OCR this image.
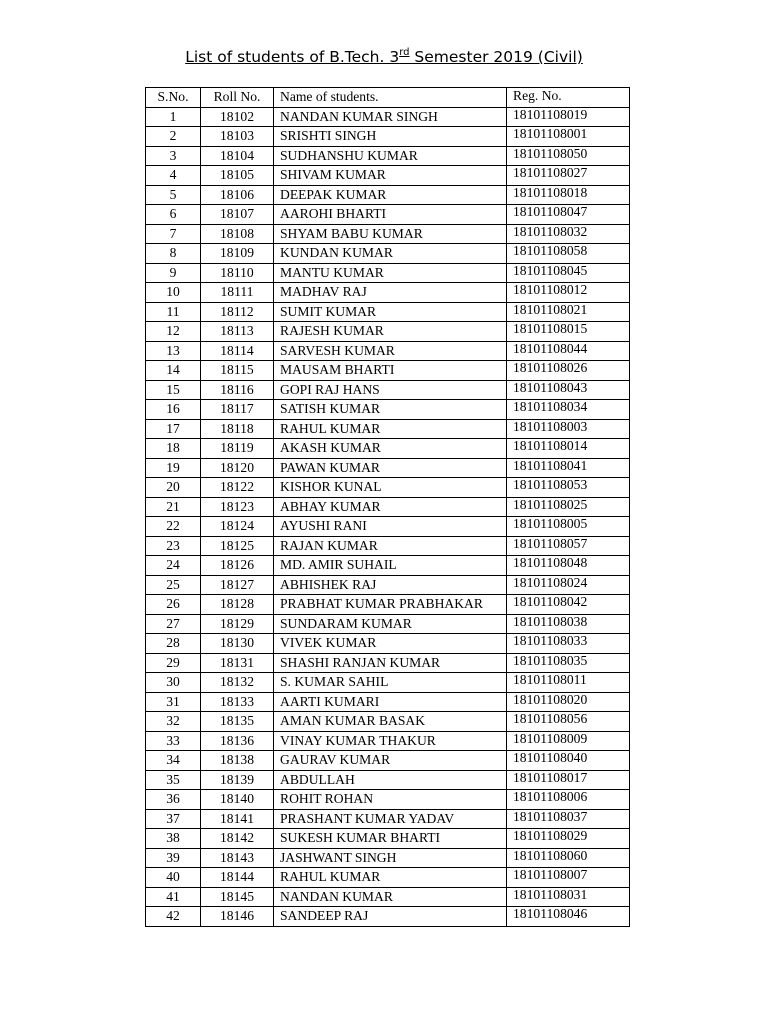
List of students of B.Tech. 3rd Semester 2019 (Civil)
S.No.	Roll No.	Name of students.	Reg. No.
1	18102	NANDAN KUMAR SINGH	18101108019
2	18103	SRISHTI SINGH	18101108001
3	18104	SUDHANSHU KUMAR	18101108050
4	18105	SHIVAM KUMAR	18101108027
5	18106	DEEPAK KUMAR	18101108018
6	18107	AAROHI BHARTI	18101108047
7	18108	SHYAM BABU KUMAR	18101108032
8	18109	KUNDAN KUMAR	18101108058
9	18110	MANTU KUMAR	18101108045
10	18111	MADHAV RAJ	18101108012
11	18112	SUMIT KUMAR	18101108021
12	18113	RAJESH KUMAR	18101108015
13	18114	SARVESH KUMAR	18101108044
14	18115	MAUSAM BHARTI	18101108026
15	18116	GOPI RAJ HANS	18101108043
16	18117	SATISH KUMAR	18101108034
17	18118	RAHUL KUMAR	18101108003
18	18119	AKASH KUMAR	18101108014
19	18120	PAWAN KUMAR	18101108041
20	18122	KISHOR KUNAL	18101108053
21	18123	ABHAY KUMAR	18101108025
22	18124	AYUSHI RANI	18101108005
23	18125	RAJAN KUMAR	18101108057
24	18126	MD. AMIR SUHAIL	18101108048
25	18127	ABHISHEK RAJ	18101108024
26	18128	PRABHAT KUMAR PRABHAKAR	18101108042
27	18129	SUNDARAM KUMAR	18101108038
28	18130	VIVEK KUMAR	18101108033
29	18131	SHASHI RANJAN KUMAR	18101108035
30	18132	S. KUMAR SAHIL	18101108011
31	18133	AARTI KUMARI	18101108020
32	18135	AMAN KUMAR BASAK	18101108056
33	18136	VINAY KUMAR THAKUR	18101108009
34	18138	GAURAV KUMAR	18101108040
35	18139	ABDULLAH	18101108017
36	18140	ROHIT ROHAN	18101108006
37	18141	PRASHANT KUMAR YADAV	18101108037
38	18142	SUKESH KUMAR BHARTI	18101108029
39	18143	JASHWANT SINGH	18101108060
40	18144	RAHUL KUMAR	18101108007
41	18145	NANDAN KUMAR	18101108031
42	18146	SANDEEP RAJ	18101108046
